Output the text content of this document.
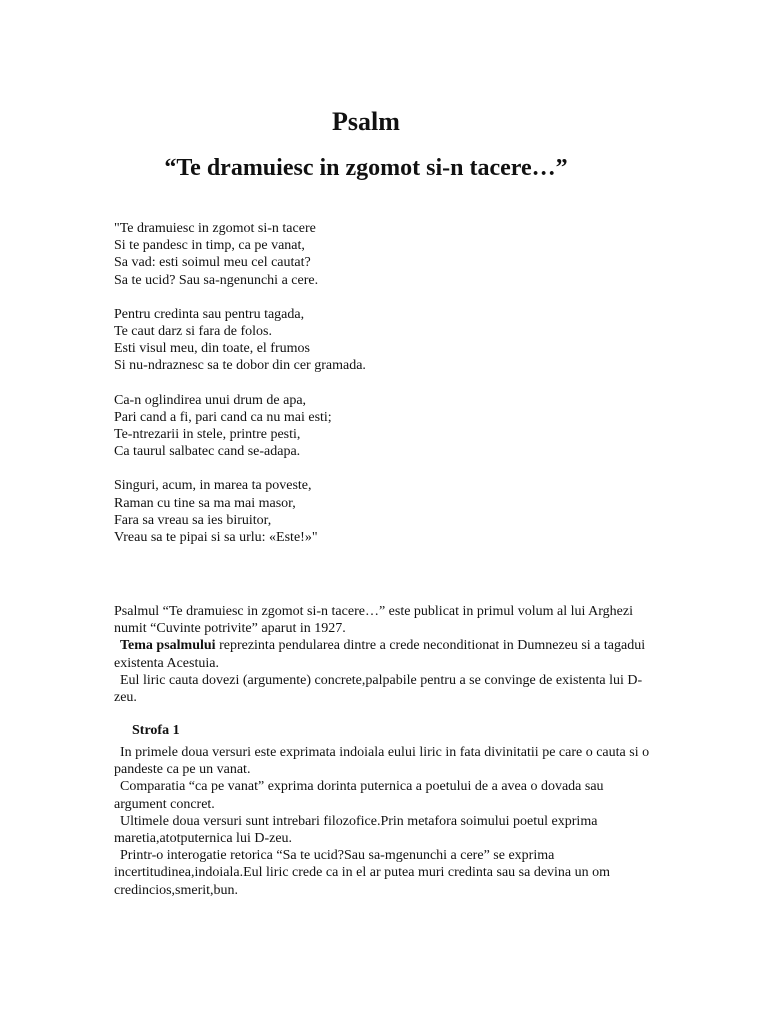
Psalm
“Te dramuiesc in zgomot si-n tacere…”
"Te dramuiesc in zgomot si-n tacere
Si te pandesc in timp, ca pe vanat,
Sa vad: esti soimul meu cel cautat?
Sa te ucid? Sau sa-ngenunchi a cere.
Pentru credinta sau pentru tagada,
Te caut darz si fara de folos.
Esti visul meu, din toate, el frumos
Si nu-ndraznesc sa te dobor din cer gramada.
Ca-n oglindirea unui drum de apa,
Pari cand a fi, pari cand ca nu mai esti;
Te-ntrezarii in stele, printre pesti,
Ca taurul salbatec cand se-adapa.
Singuri, acum, in marea ta poveste,
Raman cu tine sa ma mai masor,
Fara sa vreau sa ies biruitor,
Vreau sa te pipai si sa urlu: «Este!»"

Psalmul “Te dramuiesc in zgomot si-n tacere…” este publicat in primul volum al lui Arghezi numit “Cuvinte potrivite” aparut in 1927.

Tema psalmului reprezinta pendularea dintre a crede neconditionat in Dumnezeu si a tagadui existenta Acestuia.

Eul liric cauta dovezi (argumente) concrete,palpabile pentru a se convinge de existenta lui D-zeu.

Strofa 1

In primele doua versuri este exprimata indoiala eului liric in fata divinitatii pe care o cauta si o pandeste ca pe un vanat.

Comparatia “ca pe vanat” exprima dorinta puternica a poetului de a avea o dovada sau argument concret.

Ultimele doua versuri sunt intrebari filozofice.Prin metafora soimului poetul exprima maretia,atotputernica lui D-zeu.

Printr-o interogatie retorica “Sa te ucid?Sau sa-mgenunchi a cere” se exprima incertitudinea,indoiala.Eul liric crede ca in el ar putea muri credinta sau sa devina un om credincios,smerit,bun.
